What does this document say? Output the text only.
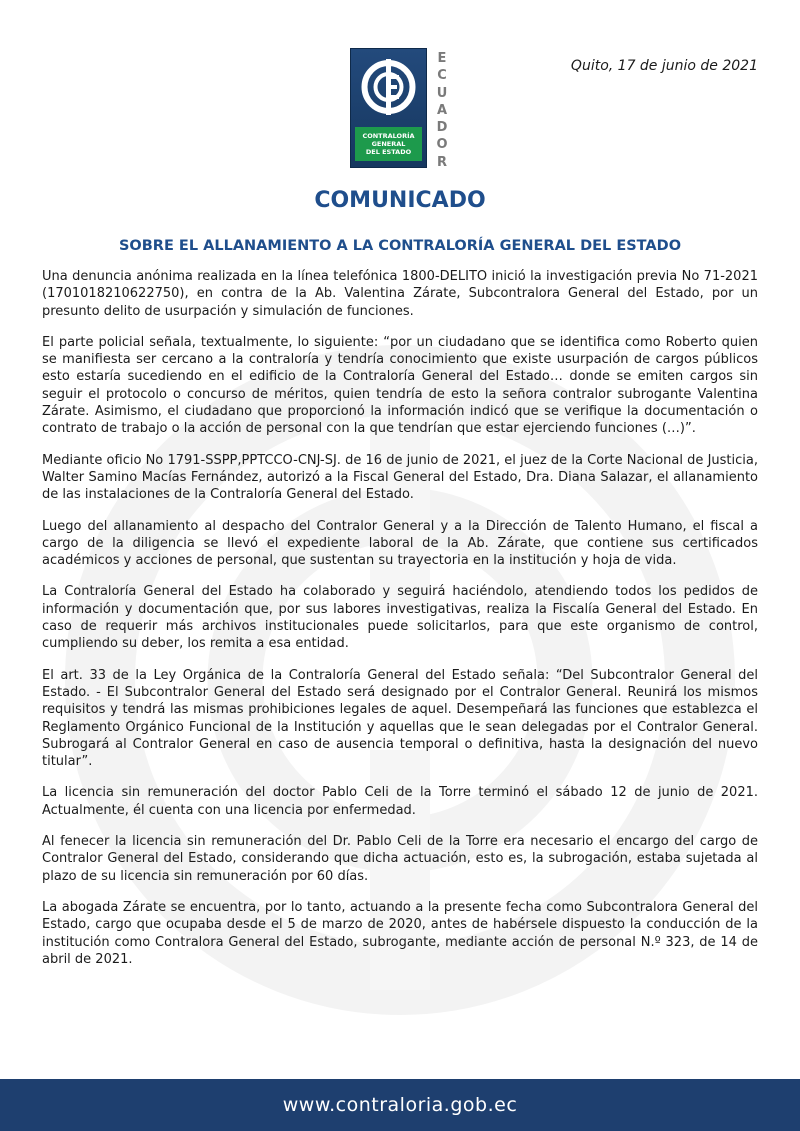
CONTRALORÍA
GENERAL
DEL ESTADO
E
C
U
A
D
O
R
Quito, 17 de junio de 2021
COMUNICADO
SOBRE EL ALLANAMIENTO A LA CONTRALORÍA GENERAL DEL ESTADO

Una denuncia anónima realizada en la línea telefónica 1800-DELITO inició la investigación previa No 71-2021 (1701018210622750), en contra de la Ab. Valentina Zárate, Subcontralora General del Estado, por un presunto delito de usurpación y simulación de funciones.

El parte policial señala, textualmente, lo siguiente: “por un ciudadano que se identifica como Roberto quien se manifiesta ser cercano a la contraloría y tendría conocimiento que existe usurpación de cargos públicos esto estaría sucediendo en el edificio de la Contraloría General del Estado… donde se emiten cargos sin seguir el protocolo o concurso de méritos, quien tendría de esto la señora contralor subrogante Valentina Zárate. Asimismo, el ciudadano que proporcionó la información indicó que se verifique la documentación o contrato de trabajo o la acción de personal con la que tendrían que estar ejerciendo funciones (…)”.

Mediante oficio No 1791-SSPP,PPTCCO-CNJ-SJ. de 16 de junio de 2021, el juez de la Corte Nacional de Justicia, Walter Samino Macías Fernández, autorizó a la Fiscal General del Estado, Dra. Diana Salazar, el allanamiento de las instalaciones de la Contraloría General del Estado.

Luego del allanamiento al despacho del Contralor General y a la Dirección de Talento Humano, el fiscal a cargo de la diligencia se llevó el expediente laboral de la Ab. Zárate, que contiene sus certificados académicos y acciones de personal, que sustentan su trayectoria en la institución y hoja de vida.

La Contraloría General del Estado ha colaborado y seguirá haciéndolo, atendiendo todos los pedidos de información y documentación que, por sus labores investigativas, realiza la Fiscalía General del Estado. En caso de requerir más archivos institucionales puede solicitarlos, para que este organismo de control, cumpliendo su deber, los remita a esa entidad.

El art. 33 de la Ley Orgánica de la Contraloría General del Estado señala: “Del Subcontralor General del Estado. - El Subcontralor General del Estado será designado por el Contralor General. Reunirá los mismos requisitos y tendrá las mismas prohibiciones legales de aquel. Desempeñará las funciones que establezca el Reglamento Orgánico Funcional de la Institución y aquellas que le sean delegadas por el Contralor General. Subrogará al Contralor General en caso de ausencia temporal o definitiva, hasta la designación del nuevo titular”.

La licencia sin remuneración del doctor Pablo Celi de la Torre terminó el sábado 12 de junio de 2021. Actualmente, él cuenta con una licencia por enfermedad.

Al fenecer la licencia sin remuneración del Dr. Pablo Celi de la Torre era necesario el encargo del cargo de Contralor General del Estado, considerando que dicha actuación, esto es, la subrogación, estaba sujetada al plazo de su licencia sin remuneración por 60 días.

La abogada Zárate se encuentra, por lo tanto, actuando a la presente fecha como Subcontralora General del Estado, cargo que ocupaba desde el 5 de marzo de 2020, antes de habérsele dispuesto la conducción de la institución como Contralora General del Estado, subrogante, mediante acción de personal N.º 323, de 14 de abril de 2021.

www.contraloria.gob.ec
